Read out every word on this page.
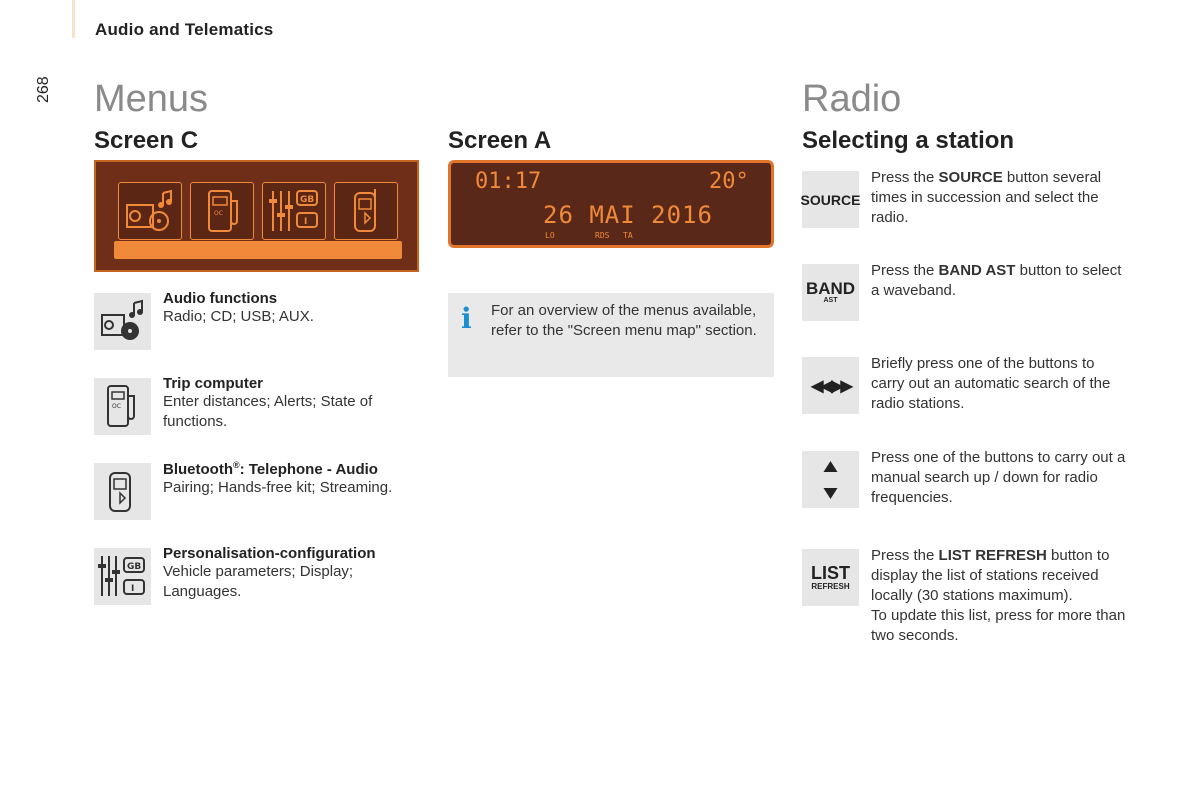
Audio and Telematics
268 Menus
Screen C
OC
GB
I
Audio functions
Radio; CD; USB; AUX.
OC
Trip computer
Enter distances; Alerts; State of functions.
Bluetooth®: Telephone - Audio
Pairing; Hands-free kit; Streaming.
GB
I
Personalisation-configuration
Vehicle parameters; Display; Languages.
Screen A
01:17	20°
26 MAI 2016
LO	RDS TA
i For an overview of the menus available, refer to the "Screen menu map" section.
Radio
Selecting a station
SOURCE
Press the SOURCE button several times in succession and select the radio.
BAND
AST
Press the BAND AST button to select a waveband.
◀◀ ▶▶
Briefly press one of the buttons to carry out an automatic search of the radio stations.
Press one of the buttons to carry out a manual search up / down for radio frequencies.
LIST
REFRESH
Press the LIST REFRESH button to display the list of stations received locally (30 stations maximum).
To update this list, press for more than two seconds.
